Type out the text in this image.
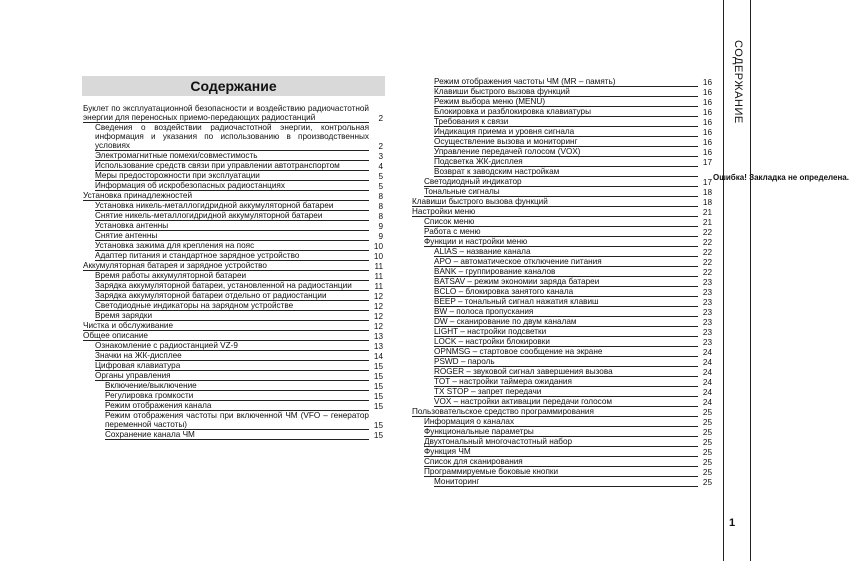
Содержание
Буклет по эксплуатационной безопасности и воздействию радиочастотной энергии для переносных приемо-передающих радиостанций	2
Сведения о воздействии радиочастотной энергии, контрольная информация и указания по использованию в производственных условиях	2
Электромагнитные помехи/совместимость	3
Использование средств связи при управлении автотранспортом	4
Меры предосторожности при эксплуатации	5
Информация об искробезопасных радиостанциях	5
Установка принадлежностей	8
Установка никель-металлогидридной аккумуляторной батареи	8
Снятие никель-металлогидридной аккумуляторной батареи	8
Установка антенны	9
Снятие антенны	9
Установка зажима для крепления на пояс	10
Адаптер питания и стандартное зарядное устройство	10
Аккумуляторная батарея и зарядное устройство	11
Время работы аккумуляторной батареи	11
Зарядка аккумуляторной батареи, установленной на радиостанции	11
Зарядка аккумуляторной батареи отдельно от радиостанции	12
Светодиодные индикаторы на зарядном устройстве	12
Время зарядки	12
Чистка и обслуживание	12
Общее описание	13
Ознакомление с радиостанцией VZ-9	13
Значки на ЖК-дисплее	14
Цифровая клавиатура	15
Органы управления	15
Включение/выключение	15
Регулировка громкости	15
Режим отображения канала	15
Режим отображения частоты при включенной ЧМ (VFO – генератор переменной частоты)	15
Сохранение канала ЧМ	15
Режим отображения частоты ЧМ (MR – память)	16
Клавиши быстрого вызова функций	16
Режим выбора меню (MENU)	16
Блокировка и разблокировка клавиатуры	16
Требования к связи	16
Индикация приема и уровня сигнала	16
Осуществление вызова и мониторинг	16
Управление передачей голосом (VOX)	16
Подсветка ЖК-дисплея	17
Возврат к заводским настройкам
Светодиодный индикатор	17
Тональные сигналы	18
Клавиши быстрого вызова функций	18
Настройки меню	21
Список меню	21
Работа с меню	22
Функции и настройки меню	22
ALIAS – название канала	22
APO – автоматическое отключение питания	22
BANK – группирование каналов	22
BATSAV – режим экономии заряда батареи	23
BCLO – блокировка занятого канала	23
BEEP – тональный сигнал нажатия клавиш	23
BW – полоса пропускания	23
DW – сканирование по двум каналам	23
LIGHT – настройки подсветки	23
LOCK – настройки блокировки	23
OPNMSG – стартовое сообщение на экране	24
PSWD – пароль	24
ROGER – звуковой сигнал завершения вызова	24
TOT – настройки таймера ожидания	24
TX STOP – запрет передачи	24
VOX – настройки активации передачи голосом	24
Пользовательское средство программирования	25
Информация о каналах	25
Функциональные параметры	25
Двухтональный многочастотный набор	25
Функция ЧМ	25
Список для сканирования	25
Программируемые боковые кнопки	25
Мониторинг	25
СОДЕРЖАНИЕ
1
Ошибка! Закладка не определена.
